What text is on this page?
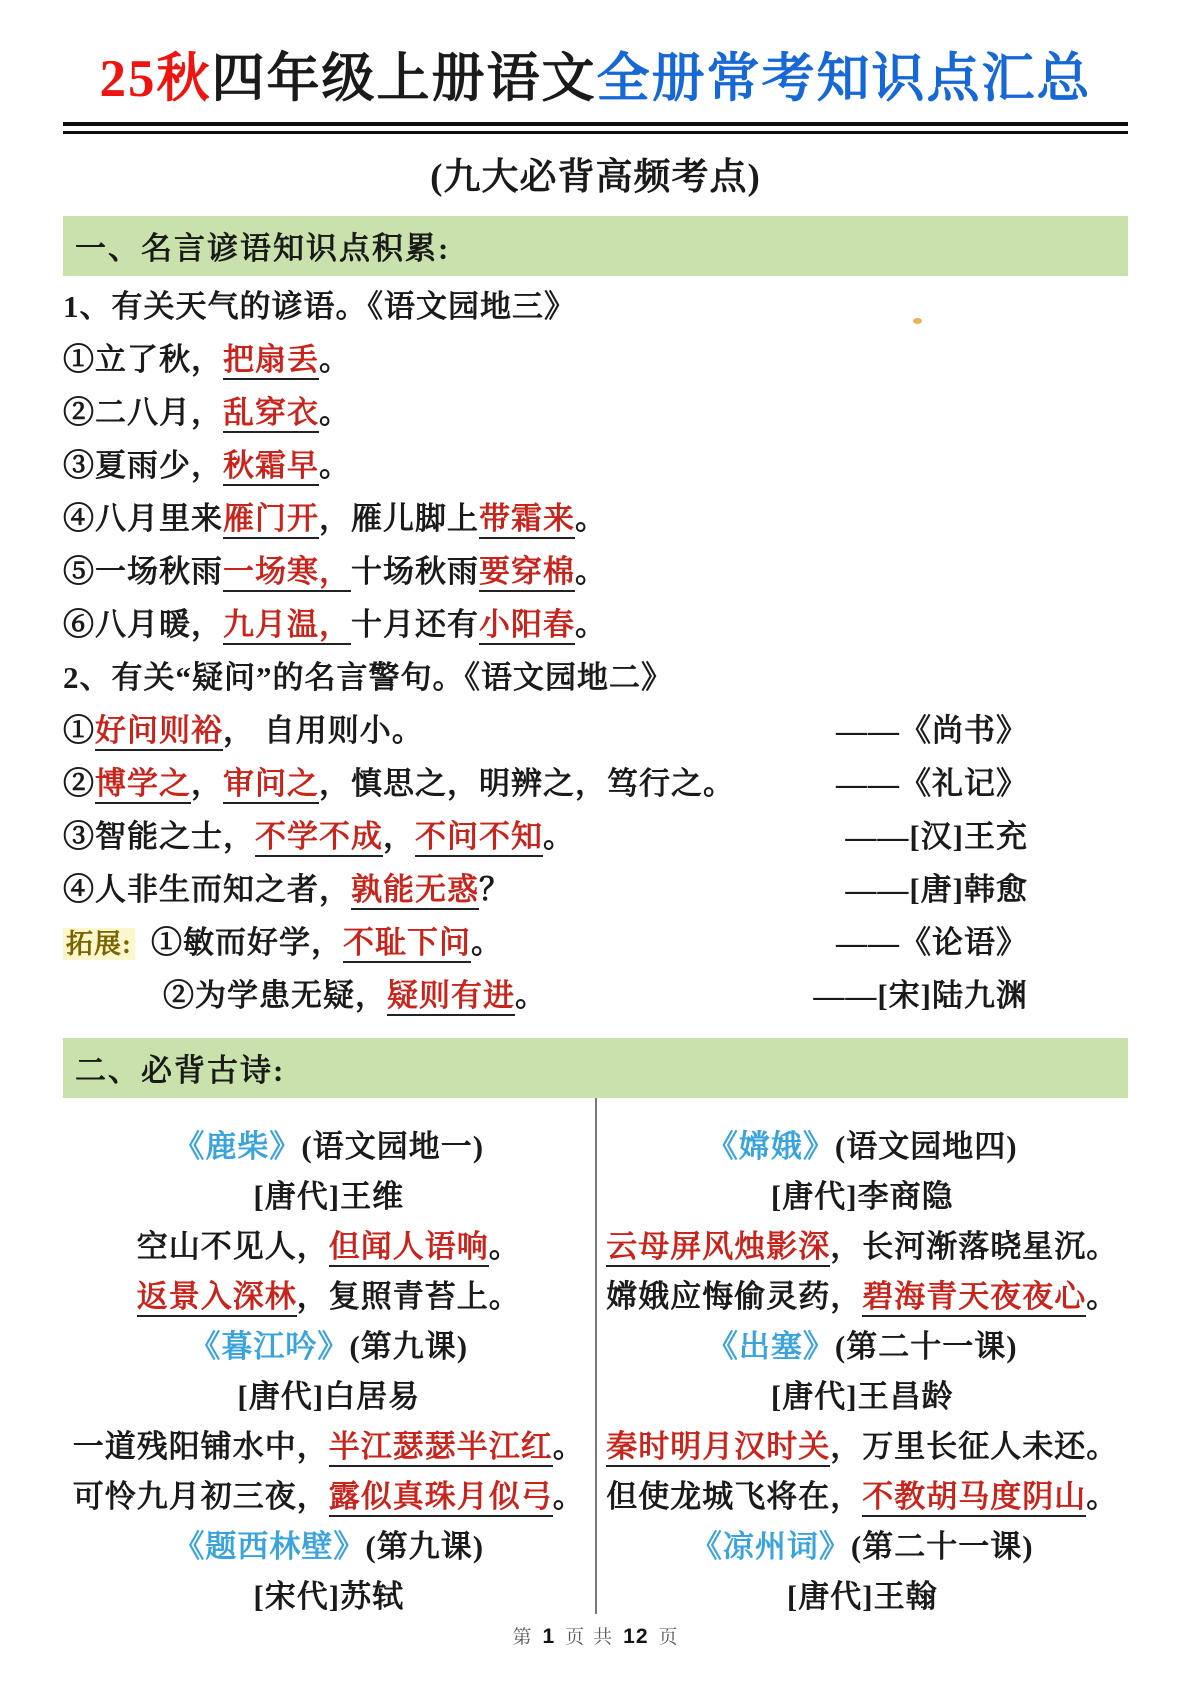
25秋四年级上册语文全册常考知识点汇总
(九大必背高频考点)
一、名言谚语知识点积累:
1、有关天气的谚语。《语文园地三》
①立了秋，把扇丢。
②二八月，乱穿衣。
③夏雨少，秋霜早。
④八月里来雁门开，雁儿脚上带霜来。
⑤一场秋雨一场寒，十场秋雨要穿棉。
⑥八月暖，九月温，十月还有小阳春。
2、有关“疑问”的名言警句。《语文园地二》
①好问则裕， 自用则小。	——《尚书》
②博学之，审问之，慎思之，明辨之，笃行之。	——《礼记》
③智能之士，不学不成，不问不知。	——[汉]王充
④人非生而知之者，孰能无惑？	——[唐]韩愈
拓展: ①敏而好学，不耻下问。	——《论语》
②为学患无疑，疑则有进。	——[宋]陆九渊
二、必背古诗:
《鹿柴》(语文园地一)
[唐代]王维
空山不见人，但闻人语响。
返景入深林，复照青苔上。
《暮江吟》(第九课)
[唐代]白居易
一道残阳铺水中，半江瑟瑟半江红。
可怜九月初三夜，露似真珠月似弓。
《题西林壁》(第九课)
[宋代]苏轼
《嫦娥》(语文园地四)
[唐代]李商隐
云母屏风烛影深，长河渐落晓星沉。
嫦娥应悔偷灵药，碧海青天夜夜心。
《出塞》(第二十一课)
[唐代]王昌龄
秦时明月汉时关，万里长征人未还。
但使龙城飞将在，不教胡马度阴山。
《凉州词》(第二十一课)
[唐代]王翰
第 1 页 共 12 页
